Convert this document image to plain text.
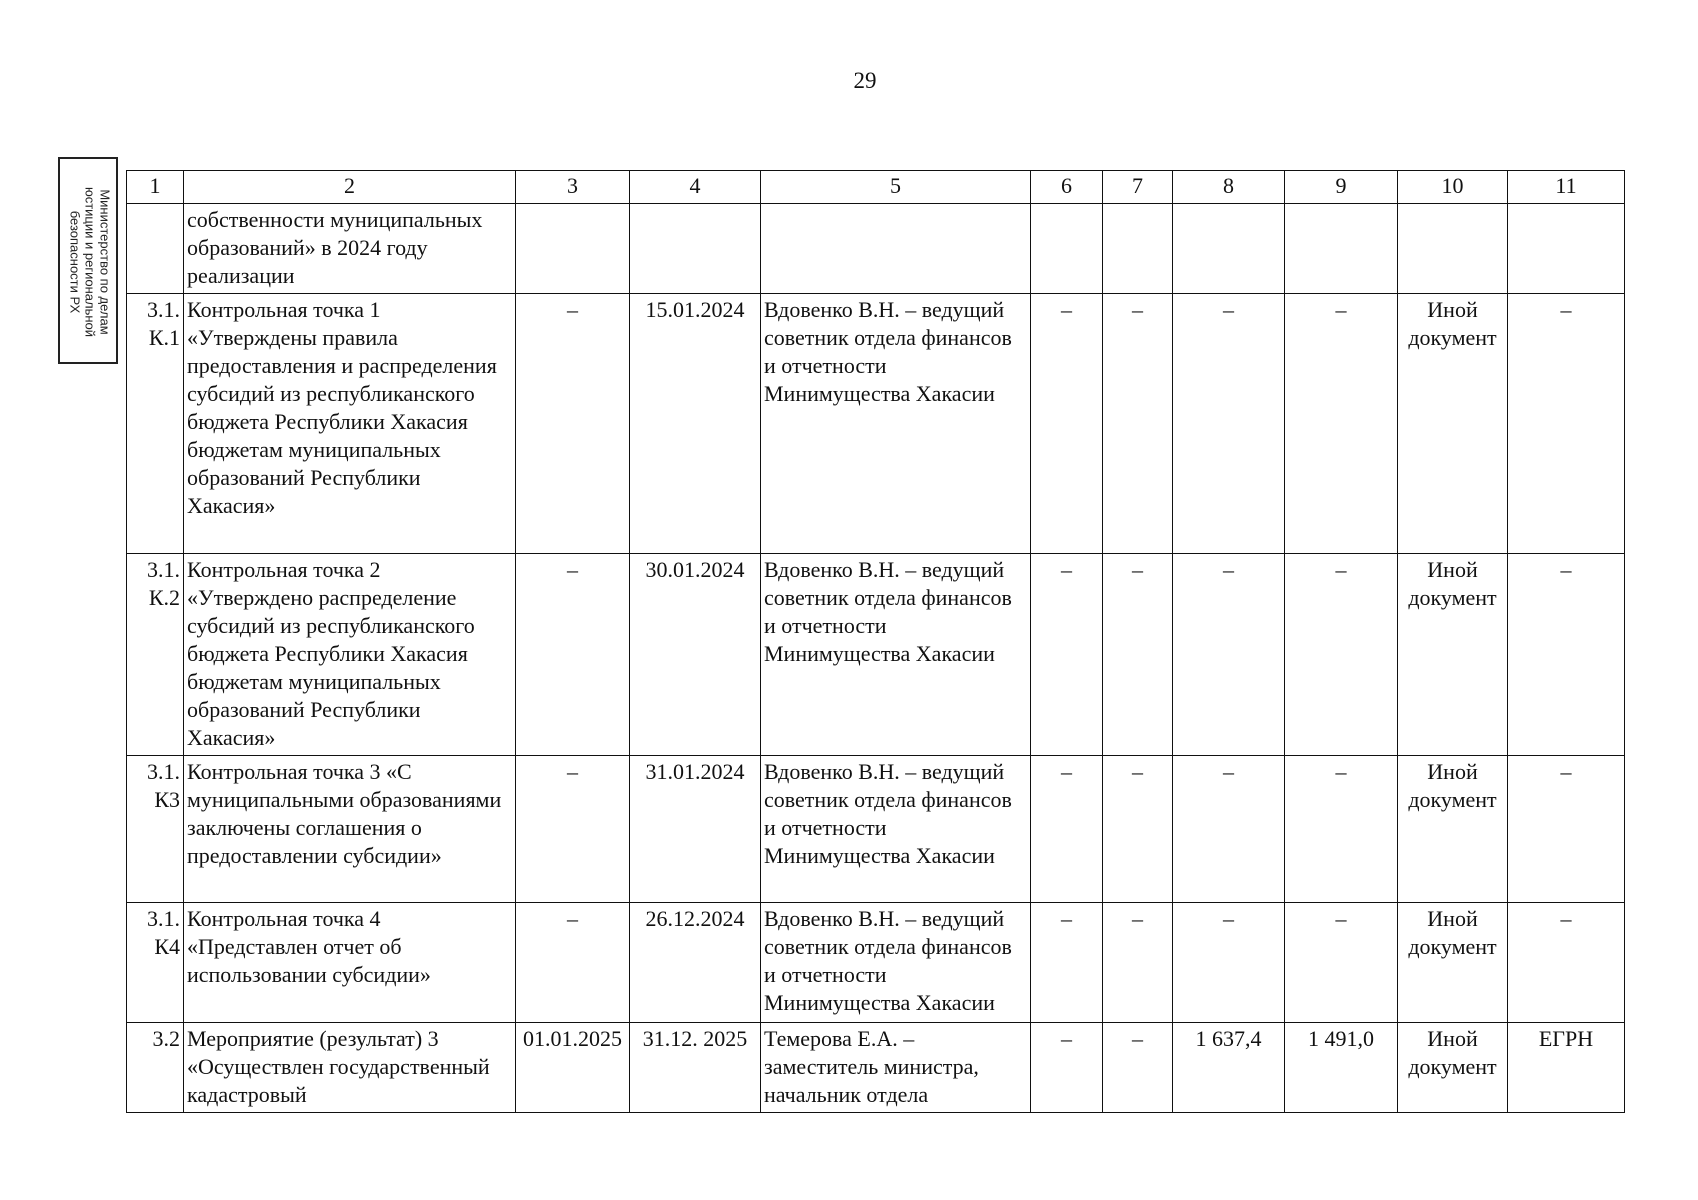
29
Министерство по делам
юстиции и региональной
безопасности РХ
1	2	3	4	5	6	7	8	9	10	11
	собственности муниципальных образований» в 2024 году реализации									
3.1. К.1	Контрольная точка 1 «Утверждены правила предоставления и распределения субсидий из республиканского бюджета Республики Хакасия бюджетам муниципальных образований Республики Хакасия»	–	15.01.2024	Вдовенко В.Н. – ведущий советник отдела финансов и отчетности Минимущества Хакасии	–	–	–	–	Иной документ	–
3.1. К.2	Контрольная точка 2 «Утверждено распределение субсидий из республиканского бюджета Республики Хакасия бюджетам муниципальных образований Республики Хакасия»	–	30.01.2024	Вдовенко В.Н. – ведущий советник отдела финансов и отчетности Минимущества Хакасии	–	–	–	–	Иной документ	–
3.1. К3	Контрольная точка 3 «С муниципальными образованиями заключены соглашения о предоставлении субсидии»	–	31.01.2024	Вдовенко В.Н. – ведущий советник отдела финансов и отчетности Минимущества Хакасии	–	–	–	–	Иной документ	–
3.1. К4	Контрольная точка 4 «Представлен отчет об использовании субсидии»	–	26.12.2024	Вдовенко В.Н. – ведущий советник отдела финансов и отчетности Минимущества Хакасии	–	–	–	–	Иной документ	–
3.2	Мероприятие (результат) 3 «Осуществлен государственный кадастровый	01.01.2025	31.12. 2025	Темерова Е.А. – заместитель министра, начальник отдела	–	–	1 637,4	1 491,0	Иной документ	ЕГРН
